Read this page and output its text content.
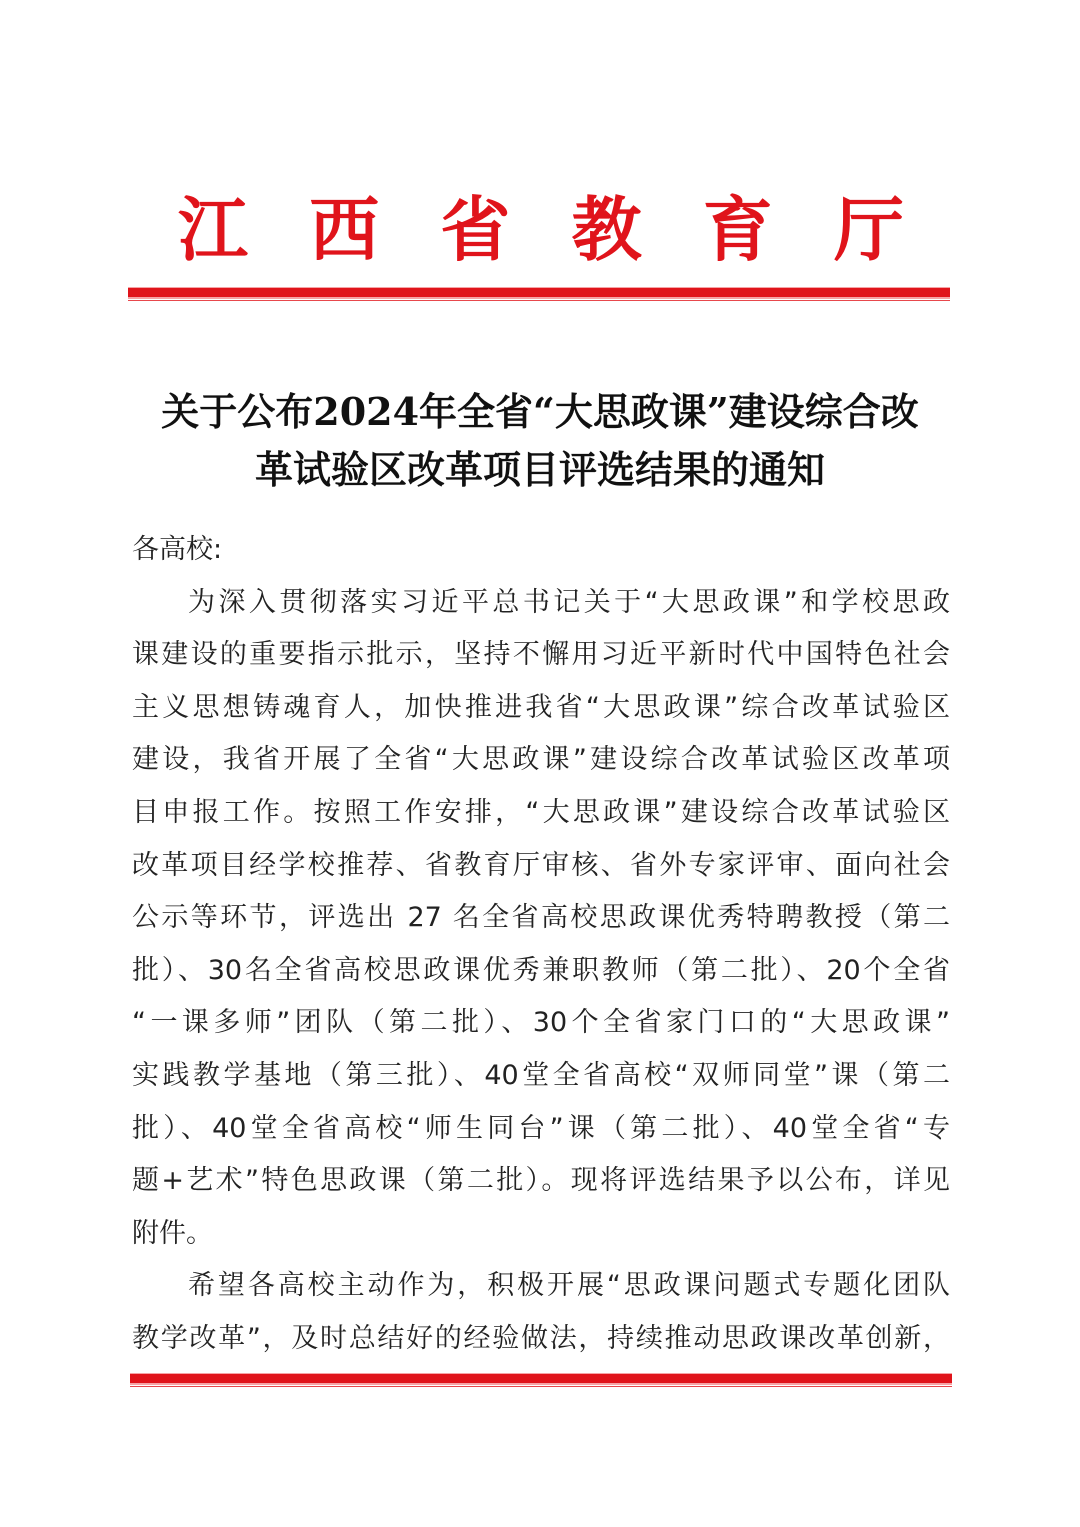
江 西 省 教 育 厅
关于公布2024年全省“大思政课”建设综合改
革试验区改革项目评选结果的通知
各高校:
为深入贯彻落实习近平总书记关于“大思政课”和学校思政
课建设的重要指示批示，坚持不懈用习近平新时代中国特色社会
主义思想铸魂育人，加快推进我省“大思政课”综合改革试验区
建设，我省开展了全省“大思政课”建设综合改革试验区改革项
目申报工作。按照工作安排，“大思政课”建设综合改革试验区
改革项目经学校推荐、省教育厅审核、省外专家评审、面向社会
公示等环节，评选出 27 名全省高校思政课优秀特聘教授（第二
批）、30名全省高校思政课优秀兼职教师（第二批）、20个全省
“一课多师”团队（第二批）、30个全省家门口的“大思政课”
实践教学基地（第三批）、40堂全省高校“双师同堂”课（第二
批）、40堂全省高校“师生同台”课（第二批）、40堂全省“专
题+艺术”特色思政课（第二批）。现将评选结果予以公布，详见
附件。
希望各高校主动作为，积极开展“思政课问题式专题化团队
教学改革”，及时总结好的经验做法，持续推动思政课改革创新，
